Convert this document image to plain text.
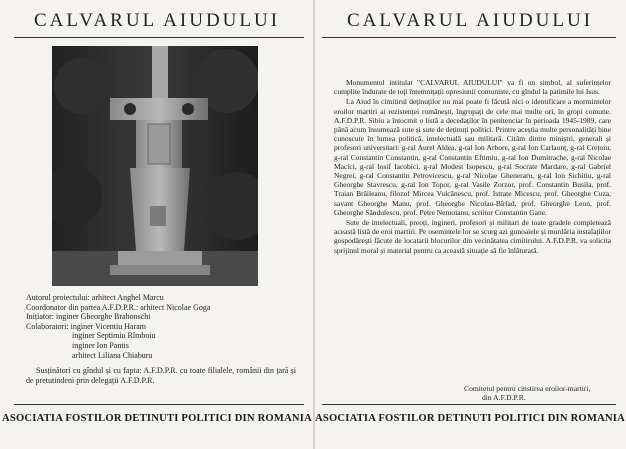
CALVARUL AIUDULUI
Autorul proiectului: arhitect Anghel Marcu
Coordonator din partea A.F.D.P.R.: arhitect Nicolae Goga
Inițiator: inginer Gheorghe Brahonschi
Colaboratori: inginer Vicentiu Haram
inginer Septimiu Rîmboiu
inginer Ion Pantis
arhitect Liliana Chiaburu
Susținători cu gîndul și cu fapta: A.F.D.P.R. cu toate filialele, românii din țară și de pretutindeni prin delegații A.F.D.P.R.
ASOCIATIA FOSTILOR DETINUTI POLITICI DIN ROMANIA
CALVARUL AIUDULUI

Monumentul intitulat "CALVARUL AIUDULUI" va fi un simbol, al suferințelor cumplite îndurate de toți întemnițații opresiunii comuniste, cu gîndul la patimile lui Isus.

La Aiud în cimitirul deținuților nu mai poate fi făcută nici o identificare a mormintelor eroilor martiri ai rezistenței românești, îngropați de cele mai multe ori, în gropi comune. A.F.D.P.R. Sibiu a întocmit o listă a decedaților în penitenciar în perioada 1945-1989, care până acum însumează sute și sute de deținuți politici. Printre aceștia multe personalități bine cunoscute în lumea politică, intelectuală sau militară. Cităm dintre miniștri, generali și profesori universitari: g-ral Aurel Aldea, g-ral Ion Arbore, g-ral Ion Carlaonț, g-ral Crețoiu, g-ral Constantin Constantin, g-ral Constantin Eftimiu, g-ral Ion Dumitrache, g-ral Nicolae Macici, g-ral Iosif Iacobici, g-ral Modest Isopescu, g-ral Socrate Mardare, g-ral Gabriel Negrei, g-ral Constantin Petrovicescu, g-ral Nicolae Gheneraru, g-ral Ion Sichitiu, g-ral Gheorghe Stavrescu, g-ral Ion Topor, g-ral Vasile Zorzor, prof. Constantin Busila, prof. Traian Brăileanu, filozof Mircea Vulcănescu, prof. Istrate Micescu, prof. Gheorghe Cuza, savant Gheorghe Manu, prof. Gheorghe Nicolau-Bîrlad, prof. Gheorghe Leon, prof. Gheorghe Săndulescu, prof. Petre Nemoianu, scriitor Constantin Gane.

Sute de intelectuali, preoți, ingineri, profesori și militari de toate gradele completează această listă de eroi martiri. Pe osemintele lor se scurg azi gunoaiele și murdăria instalațiilor gospodărești făcute de locatarii blocurilor din vecinătatea cimitirului. A.F.D.P.R. va solicita sprijinul moral și material pentru ca această situație să fie înlăturată.

Comitetul pentru cinstirea eroilor-martiri,
din A.F.D.P.R.
ASOCIATIA FOSTILOR DETINUTI POLITICI DIN ROMANIA
